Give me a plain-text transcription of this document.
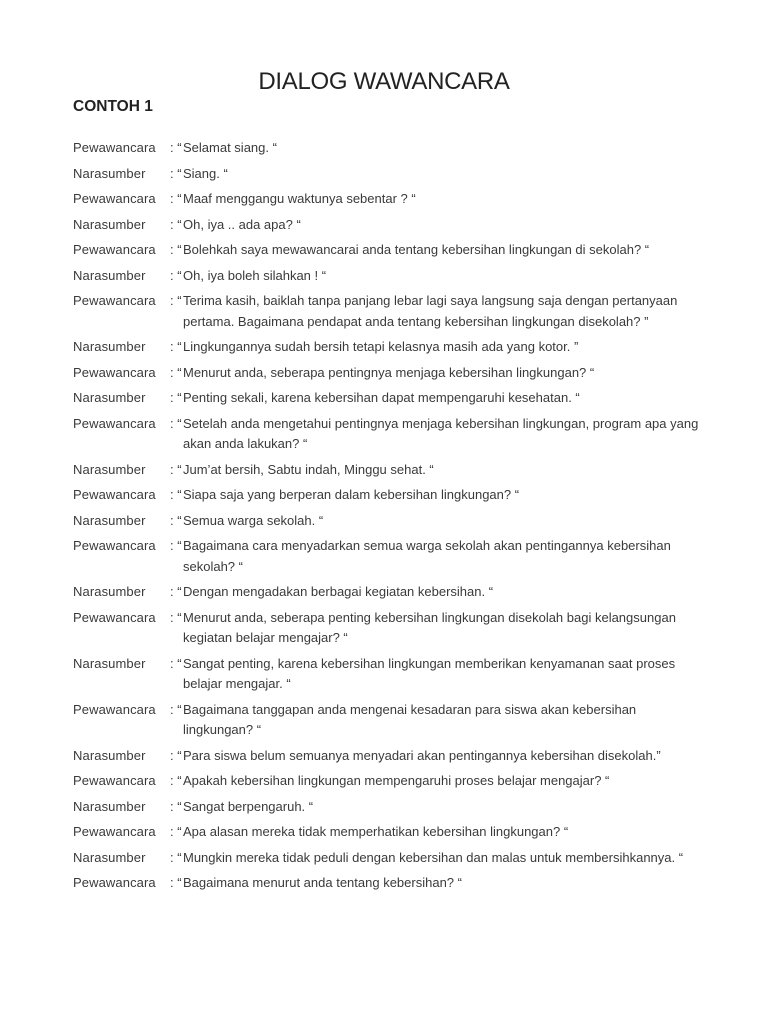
DIALOG WAWANCARA
CONTOH 1
Pewawancara	: “ Selamat siang. “
Narasumber	: “ Siang. “
Pewawancara	: “ Maaf menggangu waktunya sebentar ? “
Narasumber	: “ Oh, iya .. ada apa? “
Pewawancara	: “ Bolehkah saya mewawancarai anda tentang kebersihan lingkungan di sekolah? “
Narasumber	: “ Oh, iya boleh silahkan ! “
Pewawancara	: “ Terima kasih, baiklah tanpa panjang lebar lagi saya langsung saja dengan pertanyaan pertama. Bagaimana pendapat anda tentang kebersihan lingkungan disekolah? ”
Narasumber	: “ Lingkungannya sudah bersih tetapi kelasnya masih ada yang kotor. ”
Pewawancara	: “ Menurut anda, seberapa pentingnya menjaga kebersihan lingkungan? “
Narasumber	: “ Penting sekali, karena kebersihan dapat mempengaruhi kesehatan. “
Pewawancara	: “ Setelah anda mengetahui pentingnya menjaga kebersihan lingkungan, program apa yang akan anda lakukan? “
Narasumber	: “ Jum’at bersih, Sabtu indah, Minggu sehat. “
Pewawancara	: “ Siapa saja yang berperan dalam kebersihan lingkungan? “
Narasumber	: “ Semua warga sekolah. “
Pewawancara	: “ Bagaimana cara menyadarkan semua warga sekolah akan pentingannya kebersihan sekolah? “
Narasumber	: “ Dengan mengadakan berbagai kegiatan kebersihan. “
Pewawancara	: “ Menurut anda, seberapa penting kebersihan lingkungan disekolah bagi kelangsungan kegiatan belajar mengajar? “
Narasumber	: “ Sangat penting, karena kebersihan lingkungan memberikan kenyamanan saat proses belajar mengajar. “
Pewawancara	: “ Bagaimana tanggapan anda mengenai kesadaran para siswa akan kebersihan lingkungan? “
Narasumber	: “ Para siswa belum semuanya menyadari akan pentingannya kebersihan disekolah.”
Pewawancara	: “ Apakah kebersihan lingkungan mempengaruhi proses belajar mengajar? “
Narasumber	: “ Sangat berpengaruh. “
Pewawancara	: “ Apa alasan mereka tidak memperhatikan kebersihan lingkungan? “
Narasumber	: “ Mungkin mereka tidak peduli dengan kebersihan dan malas untuk membersihkannya. “
Pewawancara	: “ Bagaimana menurut anda tentang kebersihan? “
